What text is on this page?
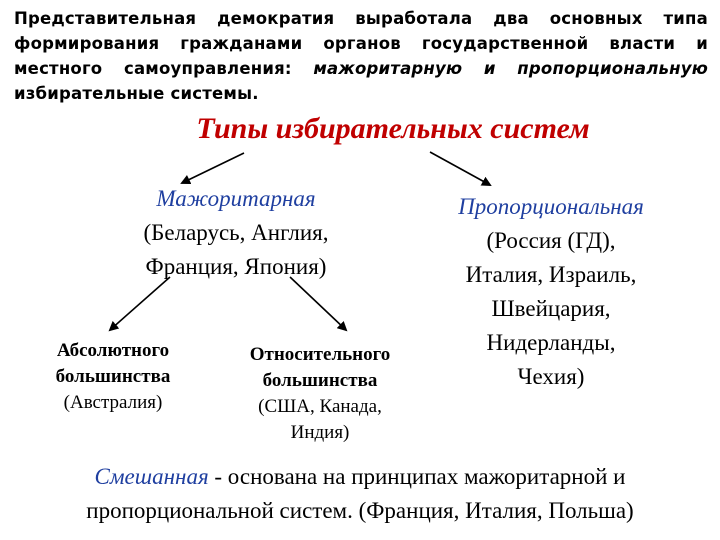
Представительная демократия выработала два основных типа формирования гражданами органов государственной власти и местного самоуправления: мажоритарную и пропорциональную избирательные системы.
Типы избирательных систем
Мажоритарная
(Беларусь, Англия,
Франция, Япония)
Пропорциональная
(Россия (ГД),
Италия, Израиль,
Швейцария,
Нидерланды,
Чехия)
Абсолютного
большинства
(Австралия)
Относительного
большинства
(США, Канада,
Индия)
Смешанная - основана на принципах мажоритарной и пропорциональной систем. (Франция, Италия, Польша)
